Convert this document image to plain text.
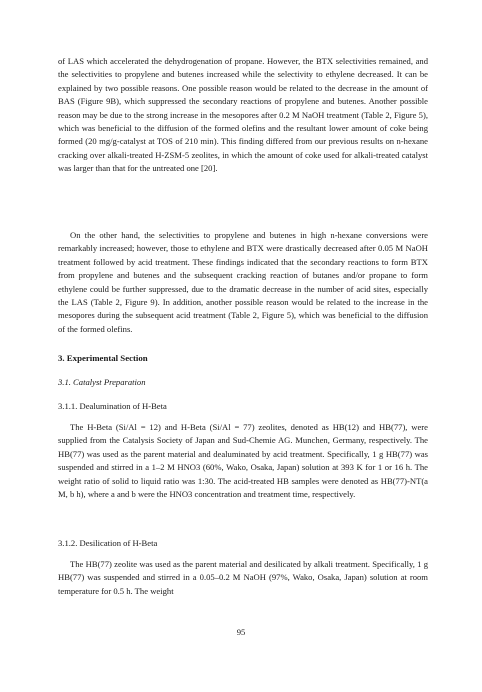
of LAS which accelerated the dehydrogenation of propane. However, the BTX selectivities remained, and the selectivities to propylene and butenes increased while the selectivity to ethylene decreased. It can be explained by two possible reasons. One possible reason would be related to the decrease in the amount of BAS (Figure 9B), which suppressed the secondary reactions of propylene and butenes. Another possible reason may be due to the strong increase in the mesopores after 0.2 M NaOH treatment (Table 2, Figure 5), which was beneficial to the diffusion of the formed olefins and the resultant lower amount of coke being formed (20 mg/g-catalyst at TOS of 210 min). This finding differed from our previous results on n-hexane cracking over alkali-treated H-ZSM-5 zeolites, in which the amount of coke used for alkali-treated catalyst was larger than that for the untreated one [20].

On the other hand, the selectivities to propylene and butenes in high n-hexane conversions were remarkably increased; however, those to ethylene and BTX were drastically decreased after 0.05 M NaOH treatment followed by acid treatment. These findings indicated that the secondary reactions to form BTX from propylene and butenes and the subsequent cracking reaction of butanes and/or propane to form ethylene could be further suppressed, due to the dramatic decrease in the number of acid sites, especially the LAS (Table 2, Figure 9). In addition, another possible reason would be related to the increase in the mesopores during the subsequent acid treatment (Table 2, Figure 5), which was beneficial to the diffusion of the formed olefins.

3. Experimental Section

3.1. Catalyst Preparation

3.1.1. Dealumination of H-Beta

The H-Beta (Si/Al = 12) and H-Beta (Si/Al = 77) zeolites, denoted as HB(12) and HB(77), were supplied from the Catalysis Society of Japan and Sud-Chemie AG. Munchen, Germany, respectively. The HB(77) was used as the parent material and dealuminated by acid treatment. Specifically, 1 g HB(77) was suspended and stirred in a 1–2 M HNO3 (60%, Wako, Osaka, Japan) solution at 393 K for 1 or 16 h. The weight ratio of solid to liquid ratio was 1:30. The acid-treated HB samples were denoted as HB(77)-NT(a M, b h), where a and b were the HNO3 concentration and treatment time, respectively.

3.1.2. Desilication of H-Beta

The HB(77) zeolite was used as the parent material and desilicated by alkali treatment. Specifically, 1 g HB(77) was suspended and stirred in a 0.05–0.2 M NaOH (97%, Wako, Osaka, Japan) solution at room temperature for 0.5 h. The weight

95
